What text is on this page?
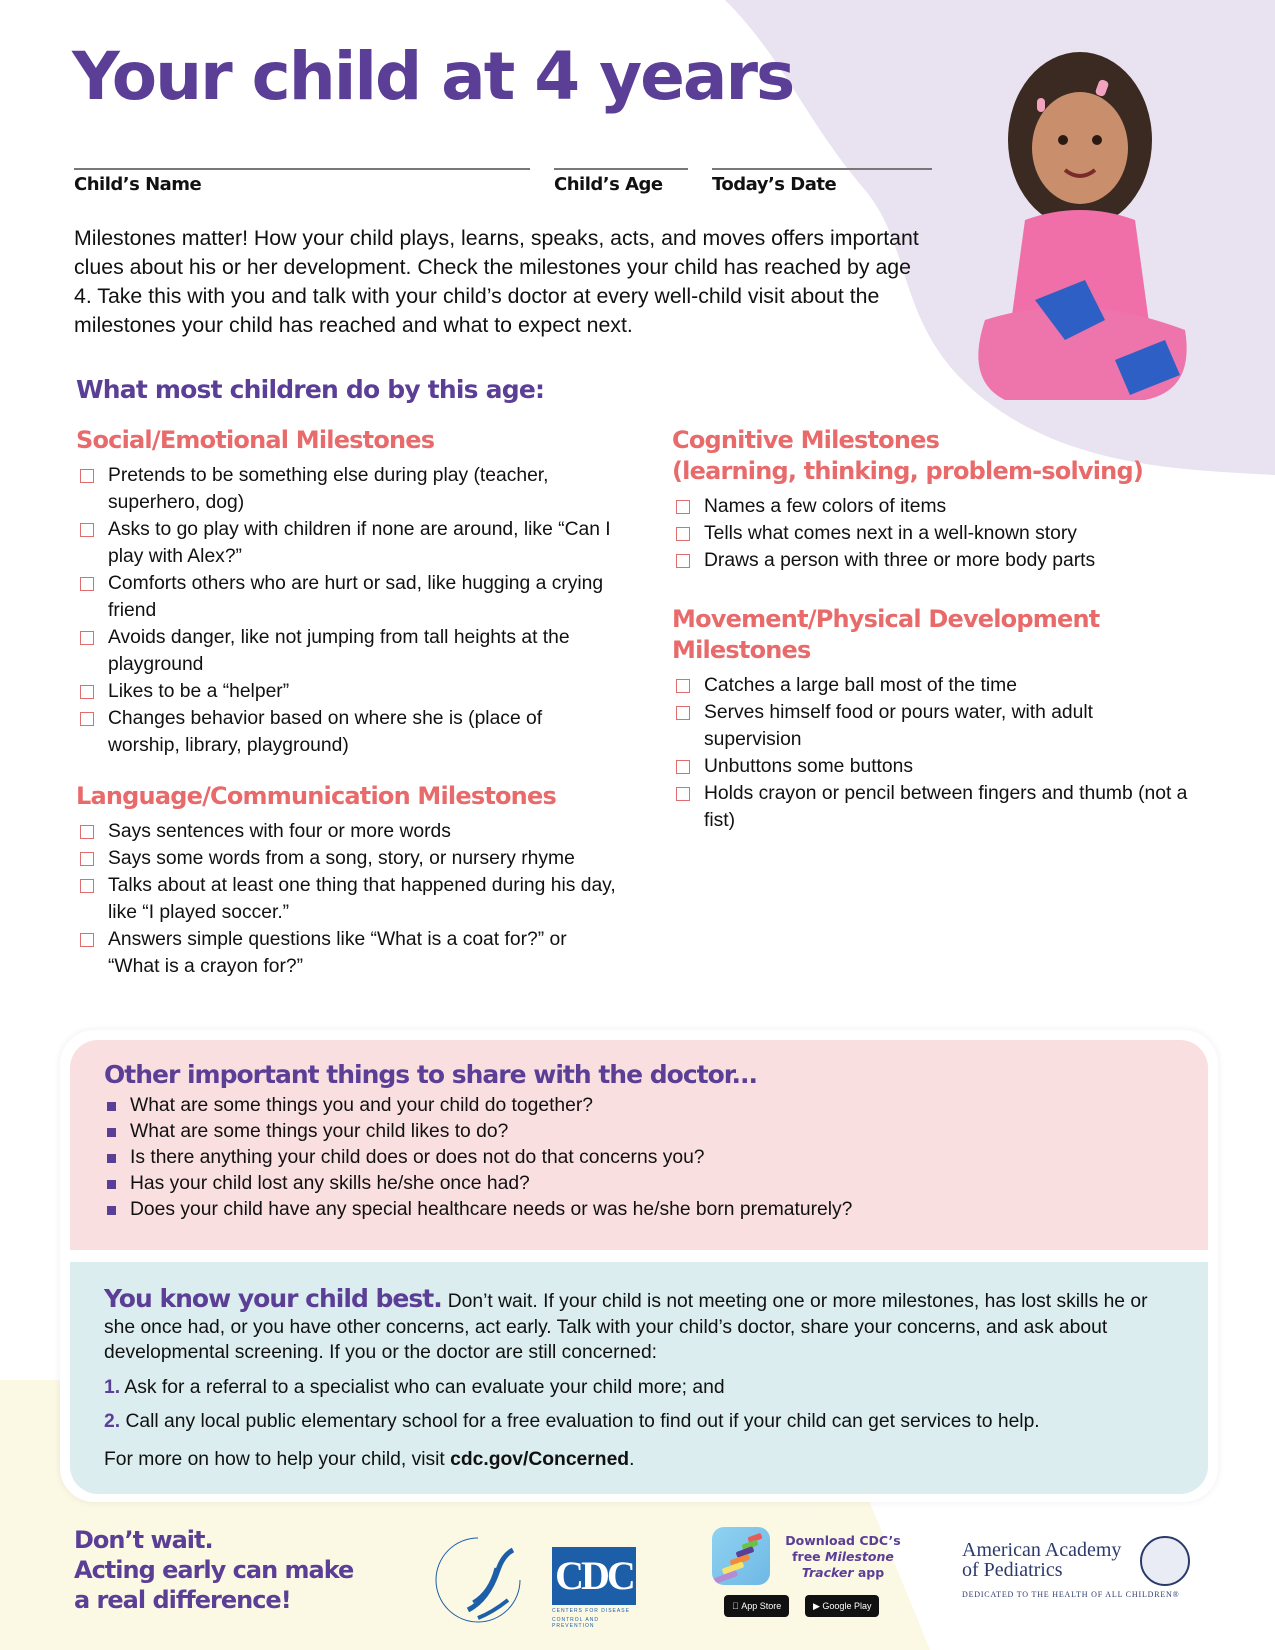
Your child at 4 years
Child’s Name	Child’s Age	Today’s Date

Milestones matter! How your child plays, learns, speaks, acts, and moves offers important clues about his or her development. Check the milestones your child has reached by age 4. Take this with you and talk with your child’s doctor at every well-child visit about the milestones your child has reached and what to expect next.

What most children do by this age:
Social/Emotional Milestones
Pretends to be something else during play (teacher, superhero, dog)
Asks to go play with children if none are around, like “Can I play with Alex?”
Comforts others who are hurt or sad, like hugging a crying friend
Avoids danger, like not jumping from tall heights at the playground
Likes to be a “helper”
Changes behavior based on where she is (place of worship, library, playground)
Language/Communication Milestones
Says sentences with four or more words
Says some words from a song, story, or nursery rhyme
Talks about at least one thing that happened during his day, like “I played soccer.”
Answers simple questions like “What is a coat for?” or “What is a crayon for?”
Cognitive Milestones
(learning, thinking, problem-solving)
Names a few colors of items
Tells what comes next in a well-known story
Draws a person with three or more body parts
Movement/Physical Development
Milestones
Catches a large ball most of the time
Serves himself food or pours water, with adult supervision
Unbuttons some buttons
Holds crayon or pencil between fingers and thumb (not a fist)
Other important things to share with the doctor...
What are some things you and your child do together?
What are some things your child likes to do?
Is there anything your child does or does not do that concerns you?
Has your child lost any skills he/she once had?
Does your child have any special healthcare needs or was he/she born prematurely?

You know your child best. Don’t wait. If your child is not meeting one or more milestones, has lost skills he or she once had, or you have other concerns, act early. Talk with your child’s doctor, share your concerns, and ask about developmental screening. If you or the doctor are still concerned:

1. Ask for a referral to a specialist who can evaluate your child more; and

2. Call any local public elementary school for a free evaluation to find out if your child can get services to help.

For more on how to help your child, visit cdc.gov/Concerned.

Don’t wait.
Acting early can make
a real difference!
CDC
CENTERS FOR DISEASE
CONTROL AND PREVENTION
Download CDC’s
free Milestone
Tracker app
App Store	▶ Google Play
American Academy
of Pediatrics
DEDICATED TO THE HEALTH OF ALL CHILDREN®
